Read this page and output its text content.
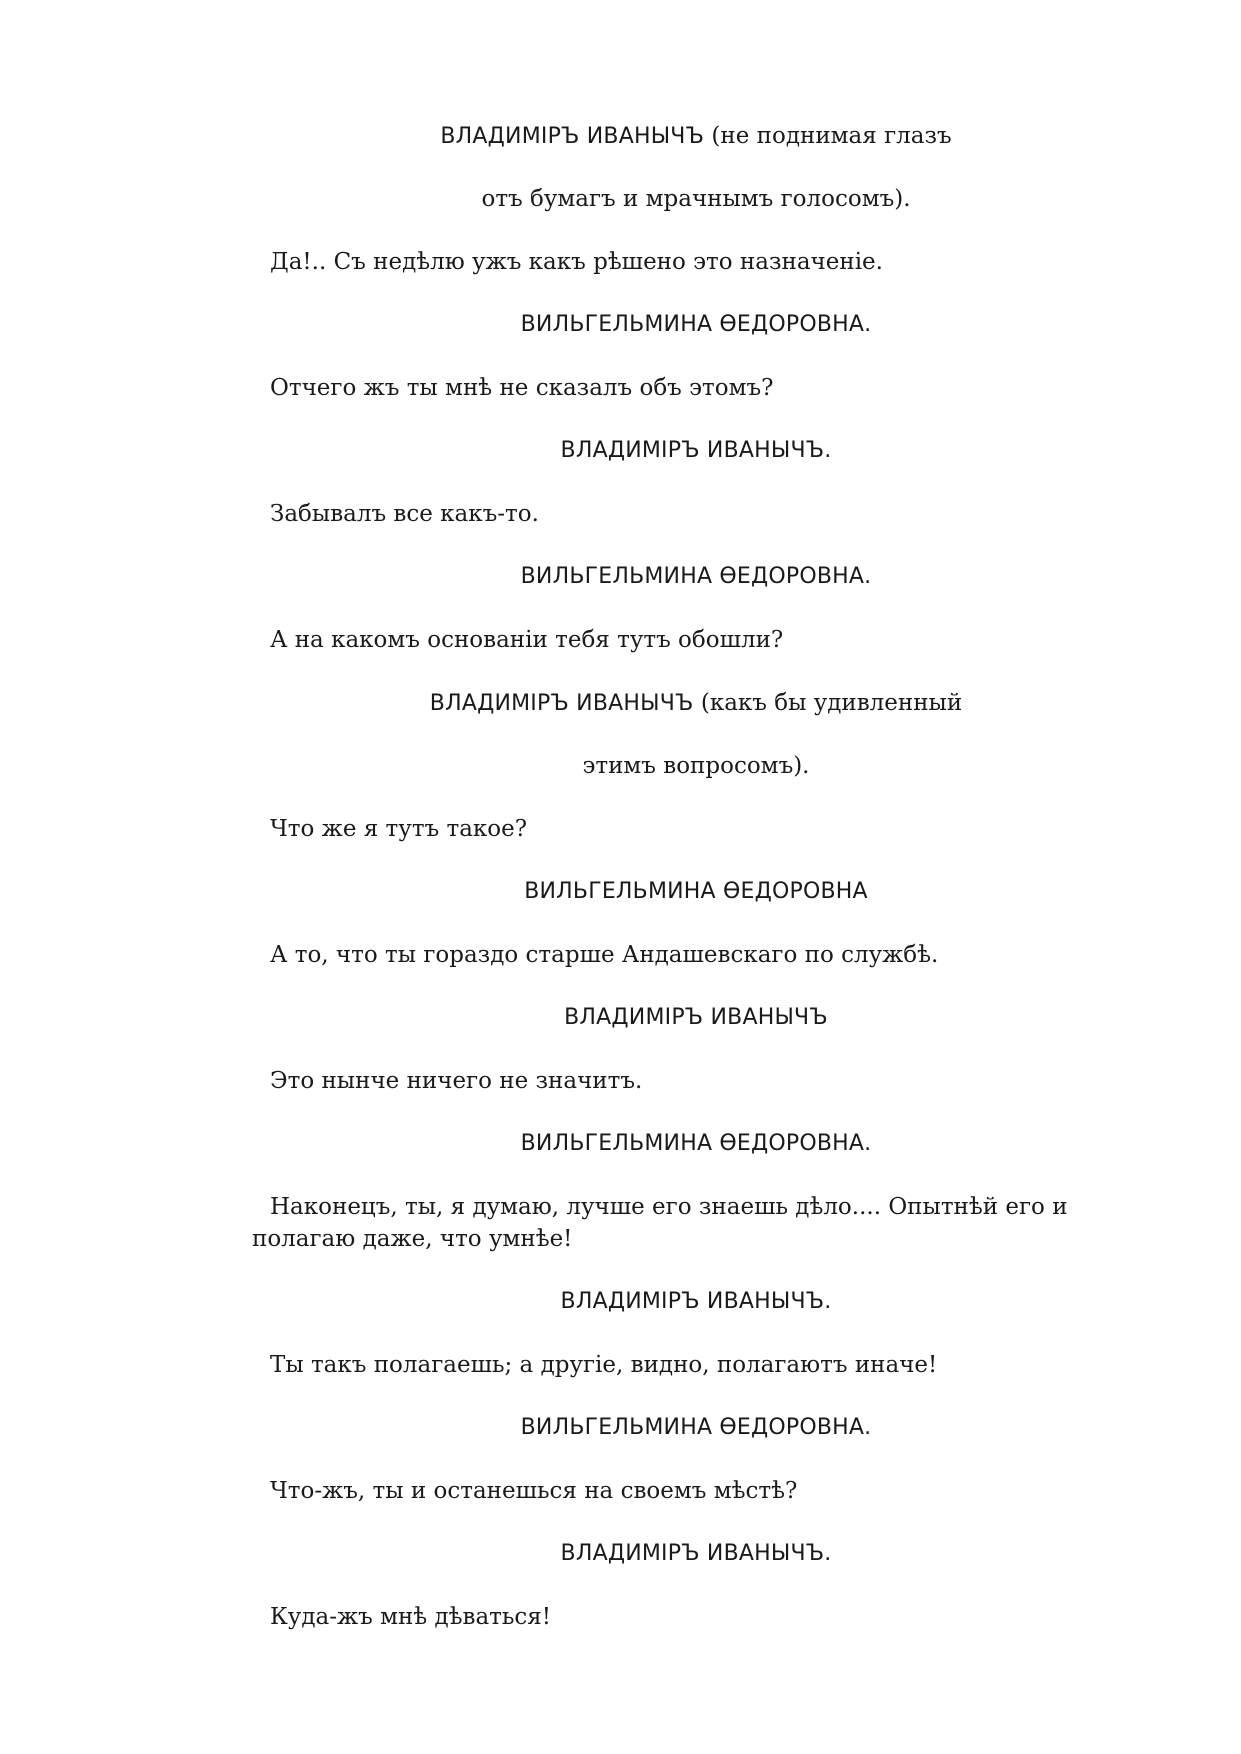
ВЛАДИМIРЪ ИВАНЫЧЪ (не поднимая глазъ

отъ бумагъ и мрачнымъ голосомъ).

Да!.. Съ недѣлю ужъ какъ рѣшено это назначенiе.

ВИЛЬГЕЛЬМИНА ѲЕДОРОВНА.

Отчего жъ ты мнѣ не сказалъ объ этомъ?

ВЛАДИМIРЪ ИВАНЫЧЪ.

Забывалъ все какъ-то.

ВИЛЬГЕЛЬМИНА ѲЕДОРОВНА.

А на какомъ основанiи тебя тутъ обошли?

ВЛАДИМIРЪ ИВАНЫЧЪ (какъ бы удивленный

этимъ вопросомъ).

Что же я тутъ такое?

ВИЛЬГЕЛЬМИНА ѲЕДОРОВНА

А то, что ты гораздо старше Андашевскаго по службѣ.

ВЛАДИМIРЪ ИВАНЫЧЪ

Это нынче ничего не значитъ.

ВИЛЬГЕЛЬМИНА ѲЕДОРОВНА.

Наконецъ, ты, я думаю, лучше его знаешь дѣло.... Опытнѣй его и полагаю даже, что умнѣе!

ВЛАДИМIРЪ ИВАНЫЧЪ.

Ты такъ полагаешь; а другiе, видно, полагаютъ иначе!

ВИЛЬГЕЛЬМИНА ѲЕДОРОВНА.

Что-жъ, ты и останешься на своемъ мѣстѣ?

ВЛАДИМIРЪ ИВАНЫЧЪ.

Куда-жъ мнѣ дѣваться!
